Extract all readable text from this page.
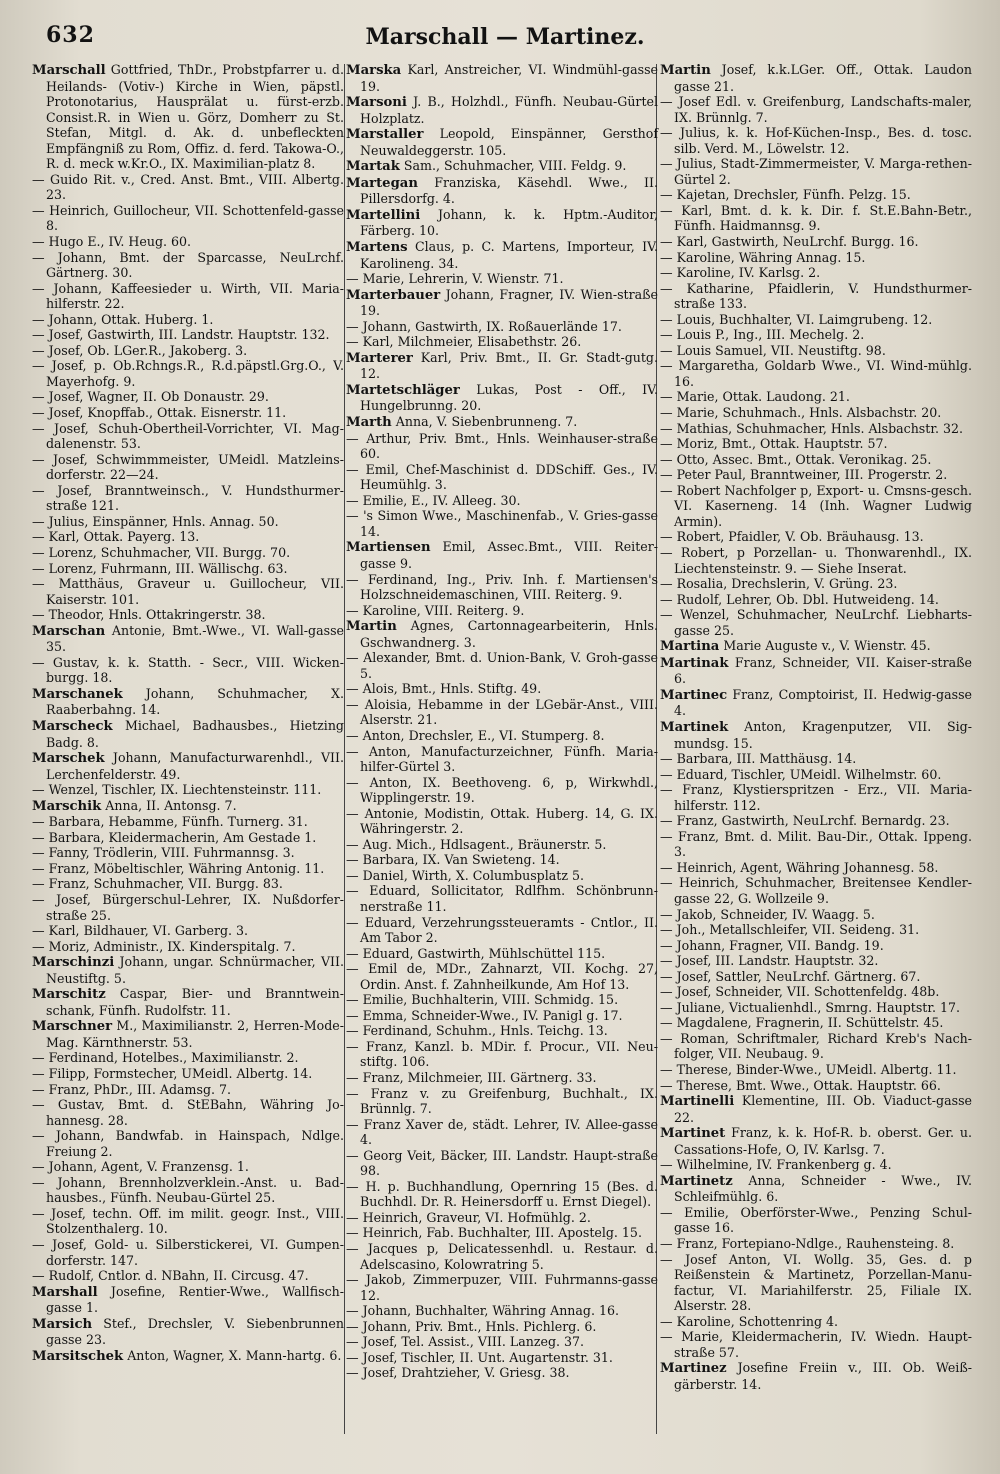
632	Marschall — Martinez.

Marschall Gottfried, ThDr., Probstpfarrer u. d. Heilands- (Votiv-) Kirche in Wien, päpstl. Protonotarius, Hausprälat u. fürst-erzb. Consist.R. in Wien u. Görz, Domherr zu St. Stefan, Mitgl. d. Ak. d. unbefleckten Empfängniß zu Rom, Offiz. d. ferd. Takowa-O., R. d. meck w.Kr.O., IX. Maximilian-platz 8.

— Guido Rit. v., Cred. Anst. Bmt., VIII. Albertg. 23.

— Heinrich, Guillocheur, VII. Schottenfeld-gasse 8.

— Hugo E., IV. Heug. 60.

— Johann, Bmt. der Sparcasse, NeuLrchf. Gärtnerg. 30.

— Johann, Kaffeesieder u. Wirth, VII. Maria-hilferstr. 22.

— Johann, Ottak. Huberg. 1.

— Josef, Gastwirth, III. Landstr. Hauptstr. 132.

— Josef, Ob. LGer.R., Jakoberg. 3.

— Josef, p. Ob.Rchngs.R., R.d.päpstl.Grg.O., V. Mayerhofg. 9.

— Josef, Wagner, II. Ob Donaustr. 29.

— Josef, Knopffab., Ottak. Eisnerstr. 11.

— Josef, Schuh-Obertheil-Vorrichter, VI. Mag-dalenenstr. 53.

— Josef, Schwimmmeister, UMeidl. Matzleins-dorferstr. 22—24.

— Josef, Branntweinsch., V. Hundsthurmer-straße 121.

— Julius, Einspänner, Hnls. Annag. 50.

— Karl, Ottak. Payerg. 13.

— Lorenz, Schuhmacher, VII. Burgg. 70.

— Lorenz, Fuhrmann, III. Wällischg. 63.

— Matthäus, Graveur u. Guillocheur, VII. Kaiserstr. 101.

— Theodor, Hnls. Ottakringerstr. 38.

Marschan Antonie, Bmt.-Wwe., VI. Wall-gasse 35.

— Gustav, k. k. Statth. - Secr., VIII. Wicken-burgg. 18.

Marschanek Johann, Schuhmacher, X. Raaberbahng. 14.

Marscheck Michael, Badhausbes., Hietzing Badg. 8.

Marschek Johann, Manufacturwarenhdl., VII. Lerchenfelderstr. 49.

— Wenzel, Tischler, IX. Liechtensteinstr. 111.

Marschik Anna, II. Antonsg. 7.

— Barbara, Hebamme, Fünfh. Turnerg. 31.

— Barbara, Kleidermacherin, Am Gestade 1.

— Fanny, Trödlerin, VIII. Fuhrmannsg. 3.

— Franz, Möbeltischler, Währing Antonig. 11.

— Franz, Schuhmacher, VII. Burgg. 83.

— Josef, Bürgerschul-Lehrer, IX. Nußdorfer-straße 25.

— Karl, Bildhauer, VI. Garberg. 3.

— Moriz, Administr., IX. Kinderspitalg. 7.

Marschinzi Johann, ungar. Schnürmacher, VII. Neustiftg. 5.

Marschitz Caspar, Bier- und Branntwein-schank, Fünfh. Rudolfstr. 11.

Marschner M., Maximilianstr. 2, Herren-Mode-Mag. Kärnthnerstr. 53.

— Ferdinand, Hotelbes., Maximilianstr. 2.

— Filipp, Formstecher, UMeidl. Albertg. 14.

— Franz, PhDr., III. Adamsg. 7.

— Gustav, Bmt. d. StEBahn, Währing Jo-hannesg. 28.

— Johann, Bandwfab. in Hainspach, Ndlge. Freiung 2.

— Johann, Agent, V. Franzensg. 1.

— Johann, Brennholzverklein.-Anst. u. Bad-hausbes., Fünfh. Neubau-Gürtel 25.

— Josef, techn. Off. im milit. geogr. Inst., VIII. Stolzenthalerg. 10.

— Josef, Gold- u. Silberstickerei, VI. Gumpen-dorferstr. 147.

— Rudolf, Cntlor. d. NBahn, II. Circusg. 47.

Marshall Josefine, Rentier-Wwe., Wallfisch-gasse 1.

Marsich Stef., Drechsler, V. Siebenbrunnen gasse 23.

Marsitschek Anton, Wagner, X. Mann-hartg. 6.

Marska Karl, Anstreicher, VI. Windmühl-gasse 19.

Marsoni J. B., Holzhdl., Fünfh. Neubau-Gürtel Holzplatz.

Marstaller Leopold, Einspänner, Gersthof Neuwaldeggerstr. 105.

Martak Sam., Schuhmacher, VIII. Feldg. 9.

Martegan Franziska, Käsehdl. Wwe., II. Pillersdorfg. 4.

Martellini Johann, k. k. Hptm.-Auditor, Färberg. 10.

Martens Claus, p. C. Martens, Importeur, IV. Karolineng. 34.

— Marie, Lehrerin, V. Wienstr. 71.

Marterbauer Johann, Fragner, IV. Wien-straße 19.

— Johann, Gastwirth, IX. Roßauerlände 17.

— Karl, Milchmeier, Elisabethstr. 26.

Marterer Karl, Priv. Bmt., II. Gr. Stadt-gutg. 12.

Martetschläger Lukas, Post - Off., IV. Hungelbrunng. 20.

Marth Anna, V. Siebenbrunneng. 7.

— Arthur, Priv. Bmt., Hnls. Weinhauser-straße 60.

— Emil, Chef-Maschinist d. DDSchiff. Ges., IV. Heumühlg. 3.

— Emilie, E., IV. Alleeg. 30.

— 's Simon Wwe., Maschinenfab., V. Gries-gasse 14.

Martiensen Emil, Assec.Bmt., VIII. Reiter-gasse 9.

— Ferdinand, Ing., Priv. Inh. f. Martiensen's Holzschneidemaschinen, VIII. Reiterg. 9.

— Karoline, VIII. Reiterg. 9.

Martin Agnes, Cartonnagearbeiterin, Hnls. Gschwandnerg. 3.

— Alexander, Bmt. d. Union-Bank, V. Groh-gasse 5.

— Alois, Bmt., Hnls. Stiftg. 49.

— Aloisia, Hebamme in der LGebär-Anst., VIII. Alserstr. 21.

— Anton, Drechsler, E., VI. Stumperg. 8.

— Anton, Manufacturzeichner, Fünfh. Maria-hilfer-Gürtel 3.

— Anton, IX. Beethoveng. 6, p, Wirkwhdl., Wipplingerstr. 19.

— Antonie, Modistin, Ottak. Huberg. 14, G. IX. Währingerstr. 2.

— Aug. Mich., Hdlsagent., Bräunerstr. 5.

— Barbara, IX. Van Swieteng. 14.

— Daniel, Wirth, X. Columbusplatz 5.

— Eduard, Sollicitator, Rdlfhm. Schönbrunn-nerstraße 11.

— Eduard, Verzehrungssteueramts - Cntlor., II. Am Tabor 2.

— Eduard, Gastwirth, Mühlschüttel 115.

— Emil de, MDr., Zahnarzt, VII. Kochg. 27, Ordin. Anst. f. Zahnheilkunde, Am Hof 13.

— Emilie, Buchhalterin, VIII. Schmidg. 15.

— Emma, Schneider-Wwe., IV. Panigl g. 17.

— Ferdinand, Schuhm., Hnls. Teichg. 13.

— Franz, Kanzl. b. MDir. f. Procur., VII. Neu-stiftg. 106.

— Franz, Milchmeier, III. Gärtnerg. 33.

— Franz v. zu Greifenburg, Buchhalt., IX. Brünnlg. 7.

— Franz Xaver de, städt. Lehrer, IV. Allee-gasse 4.

— Georg Veit, Bäcker, III. Landstr. Haupt-straße 98.

— H. p. Buchhandlung, Opernring 15 (Bes. d. Buchhdl. Dr. R. Heinersdorff u. Ernst Diegel).

— Heinrich, Graveur, VI. Hofmühlg. 2.

— Heinrich, Fab. Buchhalter, III. Apostelg. 15.

— Jacques p, Delicatessenhdl. u. Restaur. d. Adelscasino, Kolowratring 5.

— Jakob, Zimmerpuzer, VIII. Fuhrmanns-gasse 12.

— Johann, Buchhalter, Währing Annag. 16.

— Johann, Priv. Bmt., Hnls. Pichlerg. 6.

— Josef, Tel. Assist., VIII. Lanzeg. 37.

— Josef, Tischler, II. Unt. Augartenstr. 31.

— Josef, Drahtzieher, V. Griesg. 38.

Martin Josef, k.k.LGer. Off., Ottak. Laudon gasse 21.

— Josef Edl. v. Greifenburg, Landschafts-maler, IX. Brünnlg. 7.

— Julius, k. k. Hof-Küchen-Insp., Bes. d. tosc. silb. Verd. M., Löwelstr. 12.

— Julius, Stadt-Zimmermeister, V. Marga-rethen-Gürtel 2.

— Kajetan, Drechsler, Fünfh. Pelzg. 15.

— Karl, Bmt. d. k. k. Dir. f. St.E.Bahn-Betr., Fünfh. Haidmannsg. 9.

— Karl, Gastwirth, NeuLrchf. Burgg. 16.

— Karoline, Währing Annag. 15.

— Karoline, IV. Karlsg. 2.

— Katharine, Pfaidlerin, V. Hundsthurmer-straße 133.

— Louis, Buchhalter, VI. Laimgrubeng. 12.

— Louis P., Ing., III. Mechelg. 2.

— Louis Samuel, VII. Neustiftg. 98.

— Margaretha, Goldarb Wwe., VI. Wind-mühlg. 16.

— Marie, Ottak. Laudong. 21.

— Marie, Schuhmach., Hnls. Alsbachstr. 20.

— Mathias, Schuhmacher, Hnls. Alsbachstr. 32.

— Moriz, Bmt., Ottak. Hauptstr. 57.

— Otto, Assec. Bmt., Ottak. Veronikag. 25.

— Peter Paul, Branntweiner, III. Progerstr. 2.

— Robert Nachfolger p, Export- u. Cmsns-gesch. VI. Kaserneng. 14 (Inh. Wagner Ludwig Armin).

— Robert, Pfaidler, V. Ob. Bräuhausg. 13.

— Robert, p Porzellan- u. Thonwarenhdl., IX. Liechtensteinstr. 9. — Siehe Inserat.

— Rosalia, Drechslerin, V. Grüng. 23.

— Rudolf, Lehrer, Ob. Dbl. Hutweideng. 14.

— Wenzel, Schuhmacher, NeuLrchf. Liebharts-gasse 25.

Martina Marie Auguste v., V. Wienstr. 45.

Martinak Franz, Schneider, VII. Kaiser-straße 6.

Martinec Franz, Comptoirist, II. Hedwig-gasse 4.

Martinek Anton, Kragenputzer, VII. Sig-mundsg. 15.

— Barbara, III. Matthäusg. 14.

— Eduard, Tischler, UMeidl. Wilhelmstr. 60.

— Franz, Klystierspritzen - Erz., VII. Maria-hilferstr. 112.

— Franz, Gastwirth, NeuLrchf. Bernardg. 23.

— Franz, Bmt. d. Milit. Bau-Dir., Ottak. Ippeng. 3.

— Heinrich, Agent, Währing Johannesg. 58.

— Heinrich, Schuhmacher, Breitensee Kendler-gasse 22, G. Wollzeile 9.

— Jakob, Schneider, IV. Waagg. 5.

— Joh., Metallschleifer, VII. Seideng. 31.

— Johann, Fragner, VII. Bandg. 19.

— Josef, III. Landstr. Hauptstr. 32.

— Josef, Sattler, NeuLrchf. Gärtnerg. 67.

— Josef, Schneider, VII. Schottenfeldg. 48b.

— Juliane, Victualienhdl., Smrng. Hauptstr. 17.

— Magdalene, Fragnerin, II. Schüttelstr. 45.

— Roman, Schriftmaler, Richard Kreb's Nach-folger, VII. Neubaug. 9.

— Therese, Binder-Wwe., UMeidl. Albertg. 11.

— Therese, Bmt. Wwe., Ottak. Hauptstr. 66.

Martinelli Klementine, III. Ob. Viaduct-gasse 22.

Martinet Franz, k. k. Hof-R. b. oberst. Ger. u. Cassations-Hofe, O, IV. Karlsg. 7.

— Wilhelmine, IV. Frankenberg g. 4.

Martinetz Anna, Schneider - Wwe., IV. Schleifmühlg. 6.

— Emilie, Oberförster-Wwe., Penzing Schul-gasse 16.

— Franz, Fortepiano-Ndlge., Rauhensteing. 8.

— Josef Anton, VI. Wollg. 35, Ges. d. p Reißenstein & Martinetz, Porzellan-Manu-factur, VI. Mariahilferstr. 25, Filiale IX. Alserstr. 28.

— Karoline, Schottenring 4.

— Marie, Kleidermacherin, IV. Wiedn. Haupt-straße 57.

Martinez Josefine Freiin v., III. Ob. Weiß-gärberstr. 14.
